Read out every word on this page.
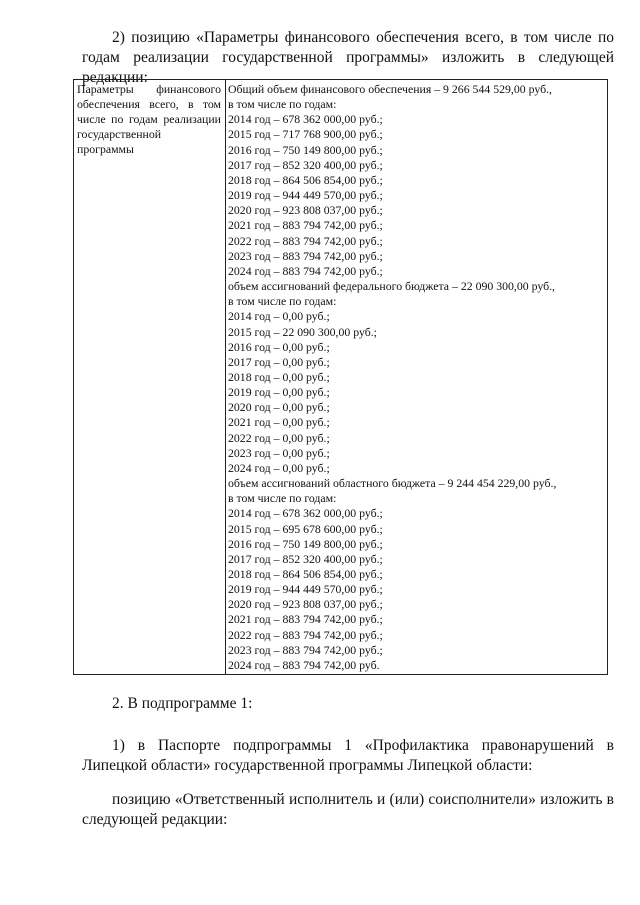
2) позицию «Параметры финансового обеспечения всего, в том числе по годам реализации государственной программы» изложить в следующей редакции:

Параметры финансового
обеспечения всего, в том
числе по годам реализации
государственной
программы
Общий объем финансового обеспечения – 9 266 544 529,00 руб.,
в том числе по годам:
2014 год – 678 362 000,00 руб.;
2015 год – 717 768 900,00 руб.;
2016 год – 750 149 800,00 руб.;
2017 год – 852 320 400,00 руб.;
2018 год – 864 506 854,00 руб.;
2019 год – 944 449 570,00 руб.;
2020 год – 923 808 037,00 руб.;
2021 год – 883 794 742,00 руб.;
2022 год – 883 794 742,00 руб.;
2023 год – 883 794 742,00 руб.;
2024 год – 883 794 742,00 руб.;
объем ассигнований федерального бюджета – 22 090 300,00 руб.,
в том числе по годам:
2014 год – 0,00 руб.;
2015 год – 22 090 300,00 руб.;
2016 год – 0,00 руб.;
2017 год – 0,00 руб.;
2018 год – 0,00 руб.;
2019 год – 0,00 руб.;
2020 год – 0,00 руб.;
2021 год – 0,00 руб.;
2022 год – 0,00 руб.;
2023 год – 0,00 руб.;
2024 год – 0,00 руб.;
объем ассигнований областного бюджета – 9 244 454 229,00 руб.,
в том числе по годам:
2014 год – 678 362 000,00 руб.;
2015 год – 695 678 600,00 руб.;
2016 год – 750 149 800,00 руб.;
2017 год – 852 320 400,00 руб.;
2018 год – 864 506 854,00 руб.;
2019 год – 944 449 570,00 руб.;
2020 год – 923 808 037,00 руб.;
2021 год – 883 794 742,00 руб.;
2022 год – 883 794 742,00 руб.;
2023 год – 883 794 742,00 руб.;
2024 год – 883 794 742,00 руб.

2. В подпрограмме 1:

1) в Паспорте подпрограммы 1 «Профилактика правонарушений в Липецкой области» государственной программы Липецкой области:

позицию «Ответственный исполнитель и (или) соисполнители» изложить в следующей редакции:
